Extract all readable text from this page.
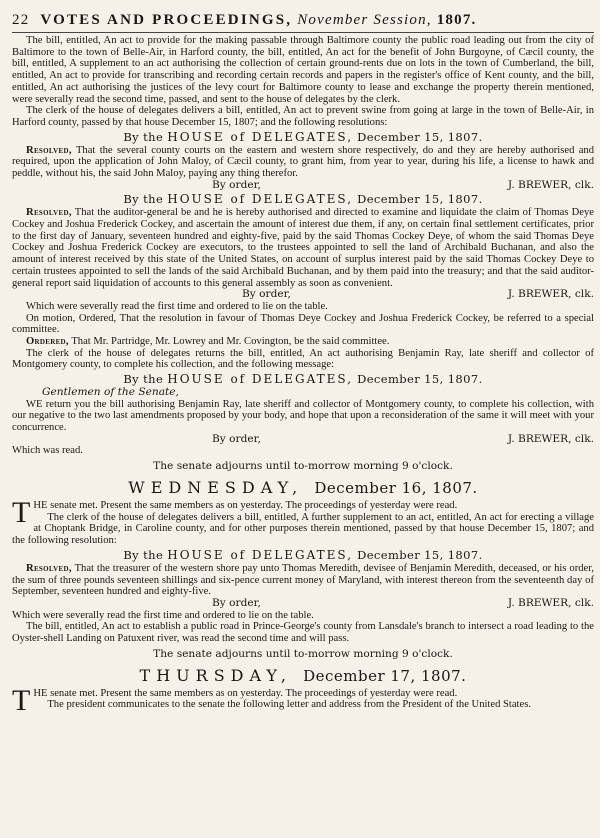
22 VOTES AND PROCEEDINGS, November Session, 1807.

The bill, entitled, An act to provide for the making passable through Baltimore county the public road leading out from the city of Baltimore to the town of Belle-Air, in Harford county, the bill, entitled, An act for the benefit of John Burgoyne, of Cæcil county, the bill, entitled, A supplement to an act authorising the collection of certain ground-rents due on lots in the town of Cumberland, the bill, entitled, An act to provide for transcribing and recording certain records and papers in the register's office of Kent county, and the bill, entitled, An act authorising the justices of the levy court for Baltimore county to lease and exchange the property therein mentioned, were severally read the second time, passed, and sent to the house of delegates by the clerk.

The clerk of the house of delegates delivers a bill, entitled, An act to prevent swine from going at large in the town of Belle-Air, in Harford county, passed by that house December 15, 1807; and the following resolutions:

By the HOUSE of DELEGATES, December 15, 1807.

Resolved, That the several county courts on the eastern and western shore respectively, do and they are hereby authorised and required, upon the application of John Maloy, of Cæcil county, to grant him, from year to year, during his life, a license to hawk and peddle, without his, the said John Maloy, paying any thing therefor.

By order,	J. BREWER, clk.
By the HOUSE of DELEGATES, December 15, 1807.

Resolved, That the auditor-general be and he is hereby authorised and directed to examine and liquidate the claim of Thomas Deye Cockey and Joshua Frederick Cockey, and ascertain the amount of interest due them, if any, on certain final settlement certificates, prior to the first day of January, seventeen hundred and eighty-five, paid by the said Thomas Cockey Deye, of whom the said Thomas Deye Cockey and Joshua Frederick Cockey are executors, to the trustees appointed to sell the land of Archibald Buchanan, and also the amount of interest received by this state of the United States, on account of surplus interest paid by the said Thomas Cockey Deye to certain trustees appointed to sell the lands of the said Archibald Buchanan, and by them paid into the treasury; and that the said auditor-general report said liquidation of accounts to this general assembly as soon as convenient.

By order,	J. BREWER, clk.

Which were severally read the first time and ordered to lie on the table.

On motion, Ordered, That the resolution in favour of Thomas Deye Cockey and Joshua Frederick Cockey, be referred to a special committee.

Ordered, That Mr. Partridge, Mr. Lowrey and Mr. Covington, be the said committee.

The clerk of the house of delegates returns the bill, entitled, An act authorising Benjamin Ray, late sheriff and collector of Montgomery county, to complete his collection, and the following message:

By the HOUSE of DELEGATES, December 15, 1807.
Gentlemen of the Senate,

WE return you the bill authorising Benjamin Ray, late sheriff and collector of Montgomery county, to complete his collection, with our negative to the two last amendments proposed by your body, and hope that upon a reconsideration of the same it will meet with your concurrence.

By order,	J. BREWER, clk.

Which was read.

The senate adjourns until to-morrow morning 9 o'clock.
WEDNESDAY, December 16, 1807.

THE senate met. Present the same members as on yesterday. The proceedings of yesterday were read.

The clerk of the house of delegates delivers a bill, entitled, A further supplement to an act, entitled, An act for erecting a village at Choptank Bridge, in Caroline county, and for other purposes therein mentioned, passed by that house December 15, 1807; and the following resolution:

By the HOUSE of DELEGATES, December 15, 1807.

Resolved, That the treasurer of the western shore pay unto Thomas Meredith, devisee of Benjamin Meredith, deceased, or his order, the sum of three pounds seventeen shillings and six-pence current money of Maryland, with interest thereon from the seventeenth day of September, seventeen hundred and eighty-five.

By order,	J. BREWER, clk.

Which were severally read the first time and ordered to lie on the table.

The bill, entitled, An act to establish a public road in Prince-George's county from Lansdale's branch to intersect a road leading to the Oyster-shell Landing on Patuxent river, was read the second time and will pass.

The senate adjourns until to-morrow morning 9 o'clock.
THURSDAY, December 17, 1807.

THE senate met. Present the same members as on yesterday. The proceedings of yesterday were read.

The president communicates to the senate the following letter and address from the President of the United States.
